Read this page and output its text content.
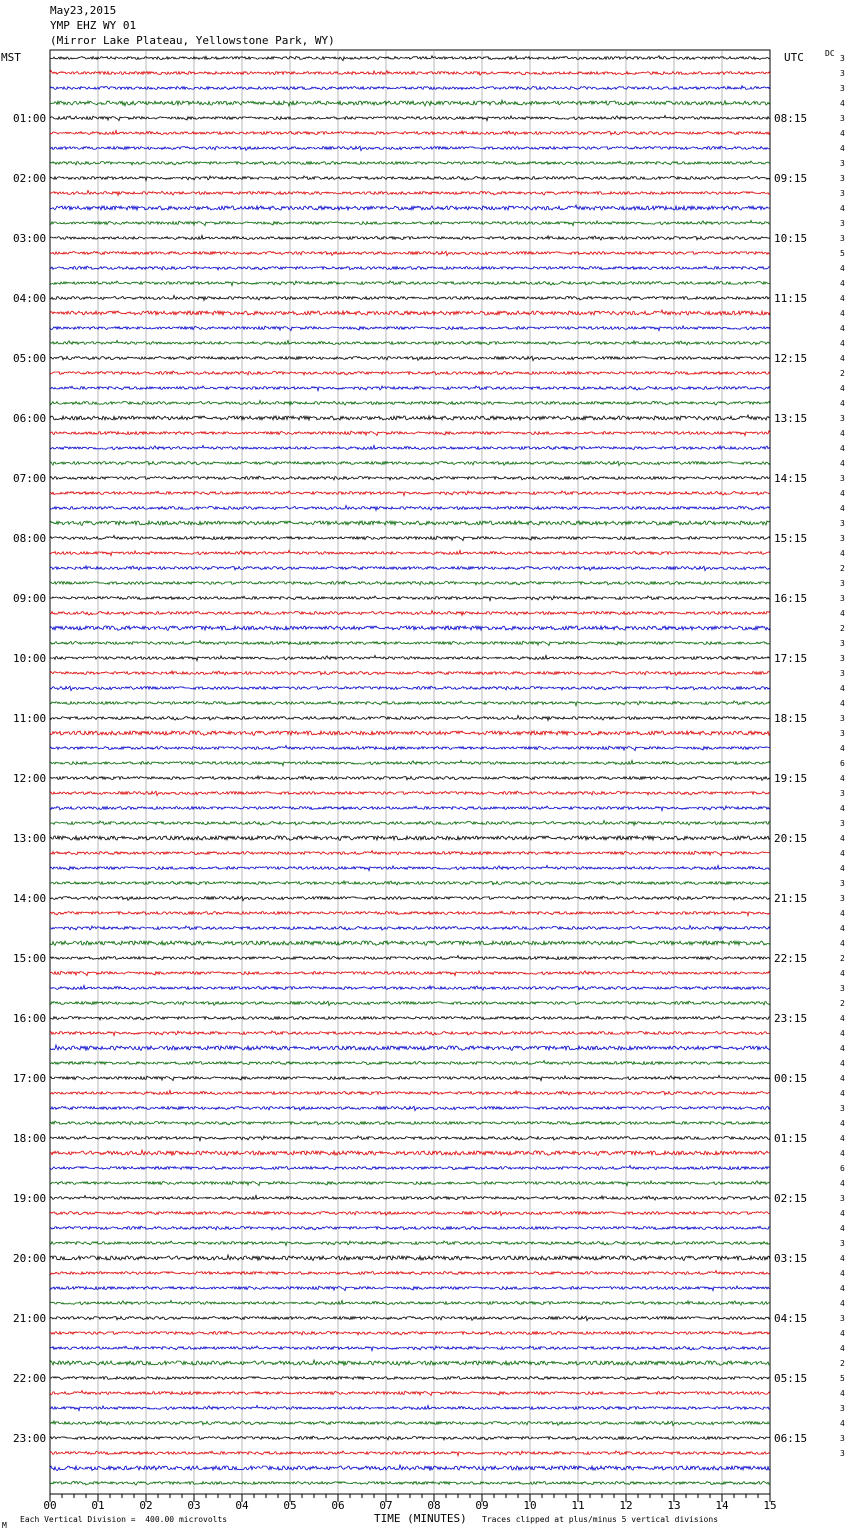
May23,2015
YMP EHZ WY 01
(Mirror Lake Plateau, Yellowstone Park, WY)
01:00
02:00
03:00
04:00
05:00
06:00
07:00
08:00
09:00
10:00
11:00
12:00
13:00
14:00
15:00
16:00
17:00
18:00
19:00
20:00
21:00
22:00
23:00
08:15
09:15
10:15
11:15
12:15
13:15
14:15
15:15
16:15
17:15
18:15
19:15
20:15
21:15
22:15
23:15
00:15
01:15
02:15
03:15
04:15
05:15
06:15
3
3
3
4
3
4
4
3
3
3
4
3
3
5
4
4
4
4
4
4
4
2
4
4
3
4
4
4
3
4
4
3
3
4
2
3
3
4
2
3
3
3
4
4
3
3
4
6
4
3
4
3
4
4
4
3
3
4
4
4
2
4
3
2
4
4
4
4
4
4
3
4
4
4
6
4
3
4
4
3
4
4
4
4
3
4
4
2
5
4
3
4
3
3
00	01	02	03	04	05	06	07	08	09	10	11	12	13	14	15
MST	UTC	DC
M
TIME (MINUTES)
Each Vertical Division =  400.00 microvolts	Traces clipped at plus/minus 5 vertical divisions
